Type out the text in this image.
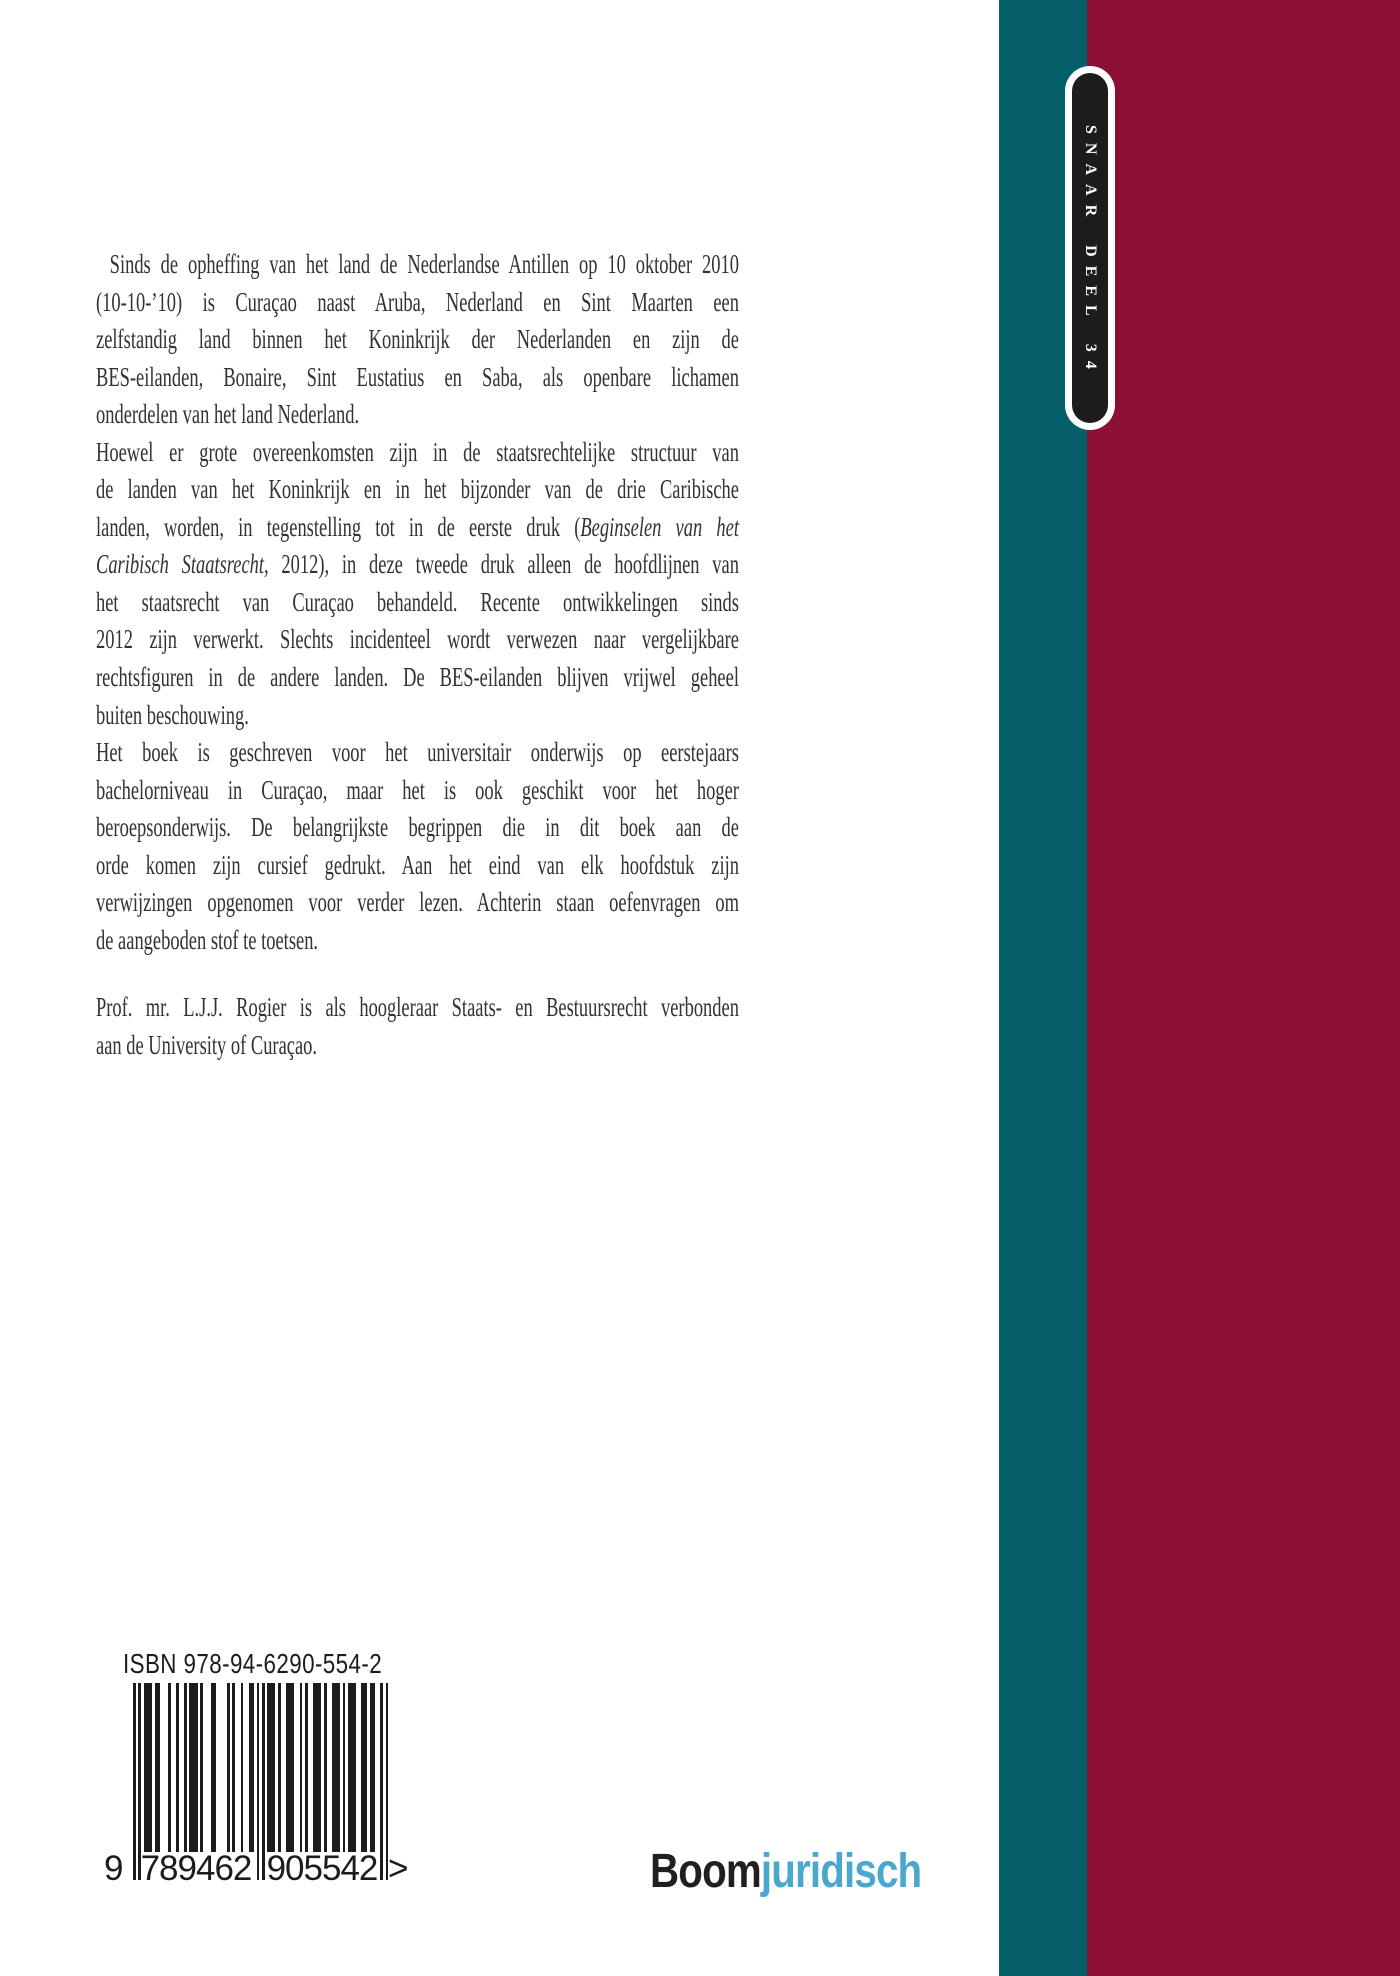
SNAAR DEEL 34
Sinds de opheffing van het land de Nederlandse Antillen op 10 oktober 2010
(10-10-’10) is Curaçao naast Aruba, Nederland en Sint Maarten een
zelfstandig land binnen het Koninkrijk der Nederlanden en zijn de
BES-eilanden, Bonaire, Sint Eustatius en Saba, als openbare lichamen
onderdelen van het land Nederland.
Hoewel er grote overeenkomsten zijn in de staatsrechtelijke structuur van
de landen van het Koninkrijk en in het bijzonder van de drie Caribische
landen, worden, in tegenstelling tot in de eerste druk (Beginselen van het
Caribisch Staatsrecht, 2012), in deze tweede druk alleen de hoofdlijnen van
het staatsrecht van Curaçao behandeld. Recente ontwikkelingen sinds
2012 zijn verwerkt. Slechts incidenteel wordt verwezen naar vergelijkbare
rechtsfiguren in de andere landen. De BES-eilanden blijven vrijwel geheel
buiten beschouwing.
Het boek is geschreven voor het universitair onderwijs op eerstejaars
bachelorniveau in Curaçao, maar het is ook geschikt voor het hoger
beroepsonderwijs. De belangrijkste begrippen die in dit boek aan de
orde komen zijn cursief gedrukt. Aan het eind van elk hoofdstuk zijn
verwijzingen opgenomen voor verder lezen. Achterin staan oefenvragen om
de aangeboden stof te toetsen.
Prof. mr. L.J.J. Rogier is als hoogleraar Staats- en Bestuursrecht verbonden
aan de University of Curaçao.
ISBN 978-94-6290-554-2
9 789462 905542 >	Boomjuridisch
